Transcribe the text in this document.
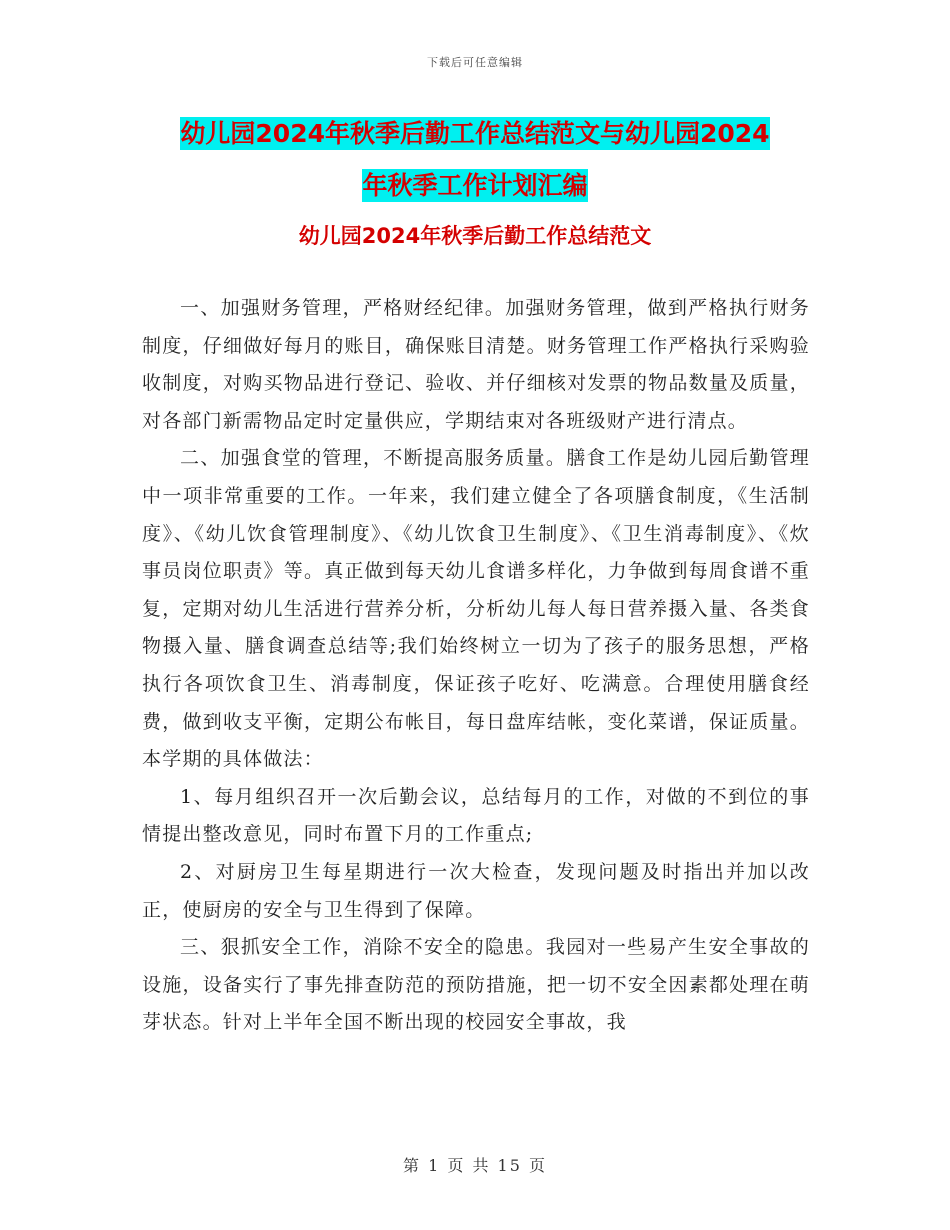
下载后可任意编辑
幼儿园2024年秋季后勤工作总结范文与幼儿园2024
年秋季工作计划汇编
幼儿园2024年秋季后勤工作总结范文

一、加强财务管理，严格财经纪律。加强财务管理，做到严格执行财务制度，仔细做好每月的账目，确保账目清楚。财务管理工作严格执行采购验收制度，对购买物品进行登记、验收、并仔细核对发票的物品数量及质量，对各部门新需物品定时定量供应，学期结束对各班级财产进行清点。

二、加强食堂的管理，不断提高服务质量。膳食工作是幼儿园后勤管理中一项非常重要的工作。一年来，我们建立健全了各项膳食制度，《生活制度》、《幼儿饮食管理制度》、《幼儿饮食卫生制度》、《卫生消毒制度》、《炊事员岗位职责》等。真正做到每天幼儿食谱多样化，力争做到每周食谱不重复，定期对幼儿生活进行营养分析，分析幼儿每人每日营养摄入量、各类食物摄入量、膳食调查总结等;我们始终树立一切为了孩子的服务思想，严格执行各项饮食卫生、消毒制度，保证孩子吃好、吃满意。合理使用膳食经费，做到收支平衡，定期公布帐目，每日盘库结帐，变化菜谱，保证质量。本学期的具体做法：

1、每月组织召开一次后勤会议，总结每月的工作，对做的不到位的事情提出整改意见，同时布置下月的工作重点;

2、对厨房卫生每星期进行一次大检查，发现问题及时指出并加以改正，使厨房的安全与卫生得到了保障。

三、狠抓安全工作，消除不安全的隐患。我园对一些易产生安全事故的设施，设备实行了事先排查防范的预防措施，把一切不安全因素都处理在萌芽状态。针对上半年全国不断出现的校园安全事故，我

第 1 页 共 15 页
